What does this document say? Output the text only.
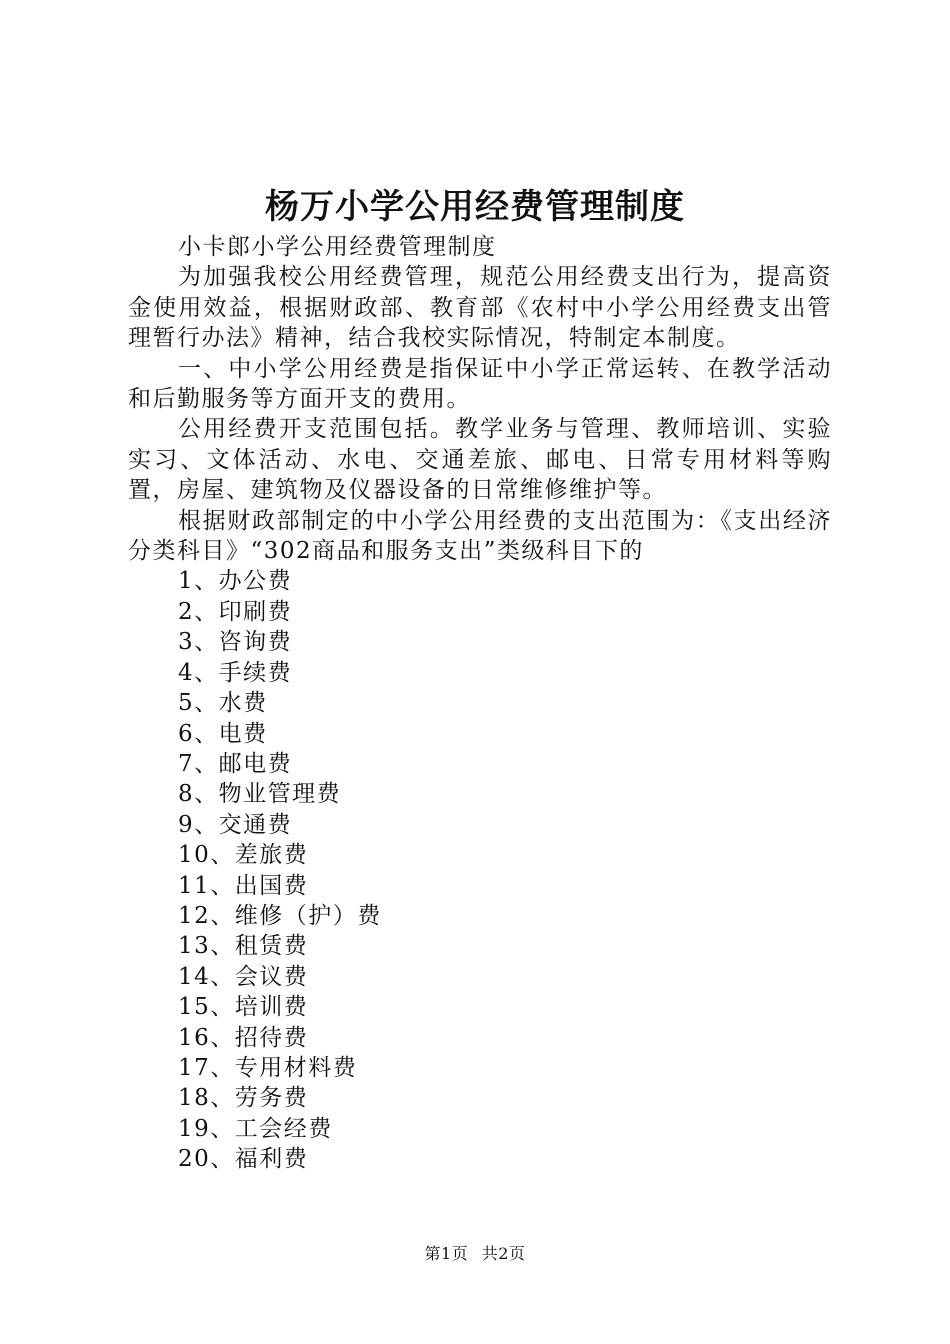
杨万小学公用经费管理制度

小卡郎小学公用经费管理制度

为加强我校公用经费管理，规范公用经费支出行为，提高资金使用效益，根据财政部、教育部《农村中小学公用经费支出管理暂行办法》精神，结合我校实际情况，特制定本制度。

一、中小学公用经费是指保证中小学正常运转、在教学活动和后勤服务等方面开支的费用。

公用经费开支范围包括。教学业务与管理、教师培训、实验实习、文体活动、水电、交通差旅、邮电、日常专用材料等购置，房屋、建筑物及仪器设备的日常维修维护等。

根据财政部制定的中小学公用经费的支出范围为：《支出经济分类科目》“302商品和服务支出”类级科目下的

1、办公费
2、印刷费
3、咨询费
4、手续费
5、水费
6、电费
7、邮电费
8、物业管理费
9、交通费
10、差旅费
11、出国费
12、维修（护）费
13、租赁费
14、会议费
15、培训费
16、招待费
17、专用材料费
18、劳务费
19、工会经费
20、福利费
第1页 共2页
